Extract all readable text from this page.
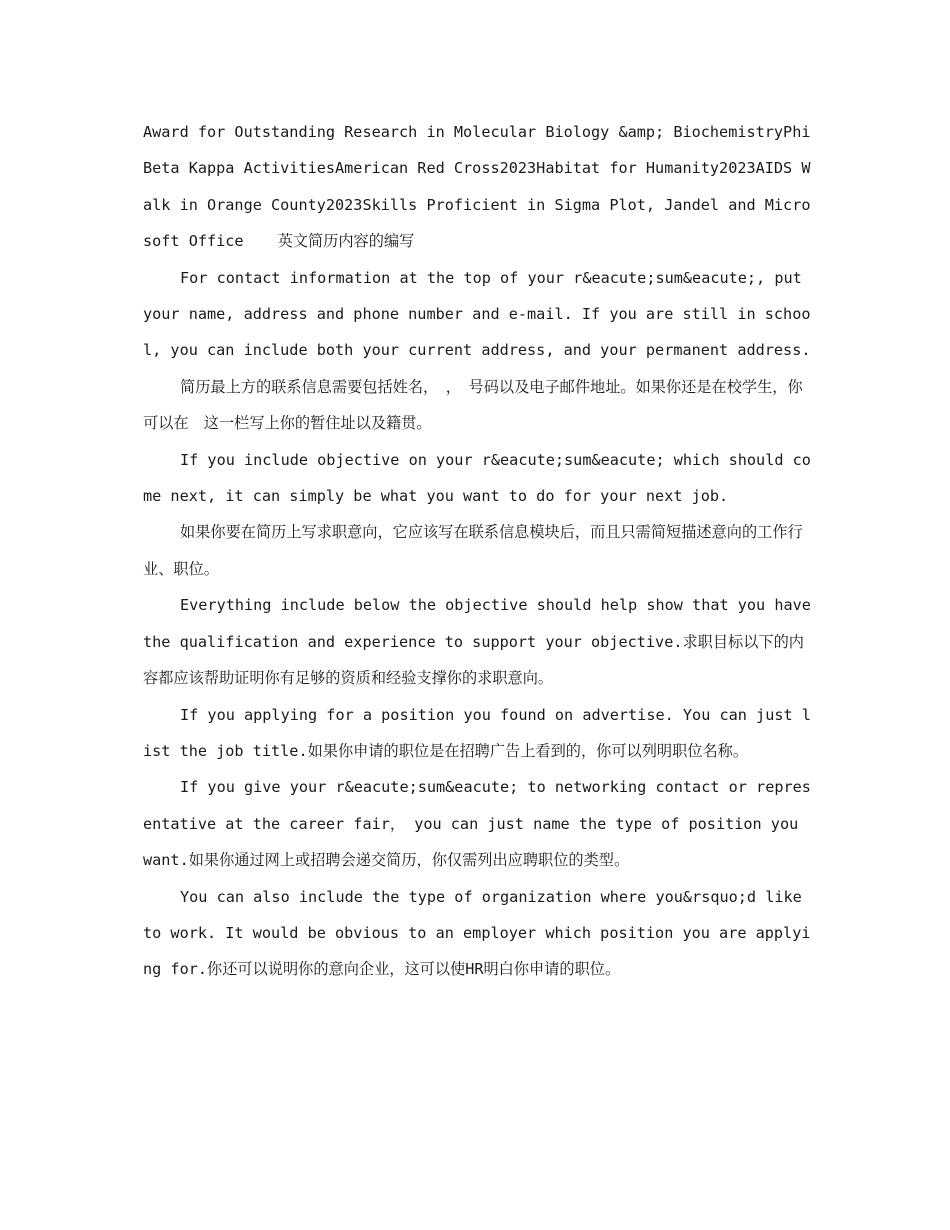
Award for Outstanding Research in Molecular Biology &amp; BiochemistryPhi Beta Kappa ActivitiesAmerican Red Cross2023Habitat for Humanity2023AIDS Walk in Orange County2023Skills Proficient in Sigma Plot, Jandel and Microsoft Office 英文简历内容的编写

For contact information at the top of your r&eacute;sum&eacute;, put your name, address and phone number and e-mail. If you are still in school, you can include both your current address, and your permanent address.

简历最上方的联系信息需要包括姓名，　，　号码以及电子邮件地址。如果你还是在校学生，你可以在　这一栏写上你的暂住址以及籍贯。

If you include objective on your r&eacute;sum&eacute; which should come next, it can simply be what you want to do for your next job.

如果你要在简历上写求职意向，它应该写在联系信息模块后，而且只需简短描述意向的工作行业、职位。

Everything include below the objective should help show that you have the qualification and experience to support your objective.求职目标以下的内容都应该帮助证明你有足够的资质和经验支撑你的求职意向。

If you applying for a position you found on advertise. You can just list the job title.如果你申请的职位是在招聘广告上看到的，你可以列明职位名称。

If you give your r&eacute;sum&eacute; to networking contact or representative at the career fair， you can just name the type of position you want.如果你通过网上或招聘会递交简历，你仅需列出应聘职位的类型。

You can also include the type of organization where you&rsquo;d like to work. It would be obvious to an employer which position you are applying for.你还可以说明你的意向企业，这可以使HR明白你申请的职位。
